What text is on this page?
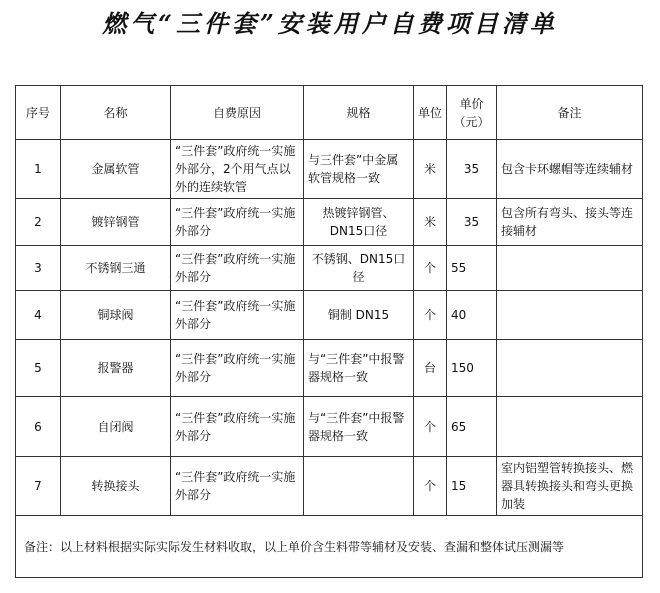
燃气“三件套”安装用户自费项目清单
序号	名称	自费原因	规格	单位	单价（元）	备注
1	金属软管	“三件套”政府统一实施外部分，2个用气点以外的连续软管	与三件套”中金属软管规格一致	米	35	包含卡环螺帽等连续辅材
2	镀锌钢管	“三件套”政府统一实施外部分	热镀锌钢管、DN15口径	米	35	包含所有弯头、接头等连接辅材
3	不锈钢三通	“三件套”政府统一实施外部分	不锈钢、DN15口径	个	55	
4	铜球阀	“三件套”政府统一实施外部分	铜制 DN15	个	40	
5	报警器	“三件套”政府统一实施外部分	与“三件套”中报警器规格一致	台	150	
6	自闭阀	“三件套”政府统一实施外部分	与“三件套”中报警器规格一致	个	65	
7	转换接头	“三件套”政府统一实施外部分		个	15	室内铝塑管转换接头、燃器具转换接头和弯头更换加装
备注：以上材料根据实际实际发生材料收取，以上单价含生料带等辅材及安装、查漏和整体试压测漏等						
